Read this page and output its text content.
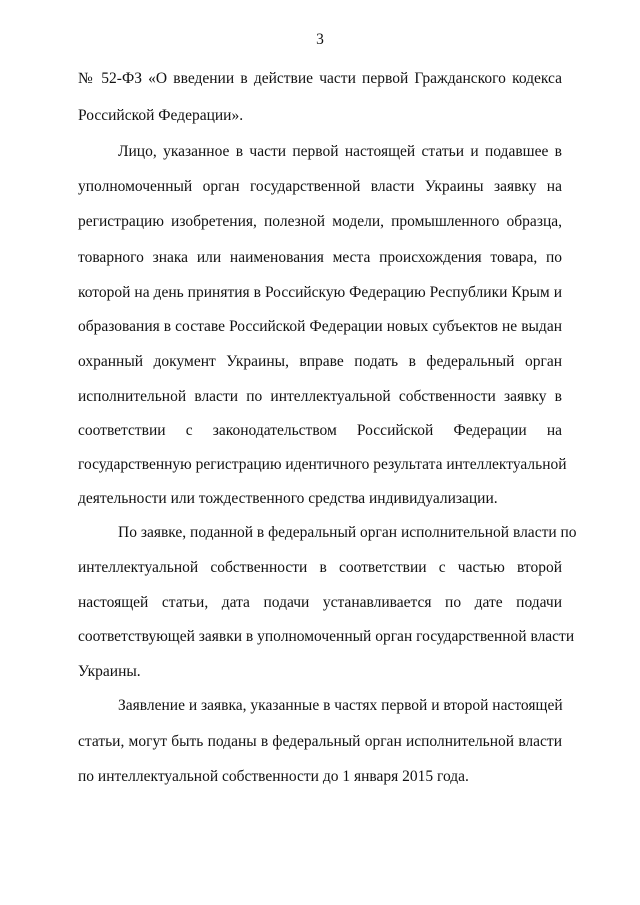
3
№ 52-ФЗ «О введении в действие части первой Гражданского кодекса
Российской Федерации».
Лицо, указанное в части первой настоящей статьи и подавшее в
уполномоченный орган государственной власти Украины заявку на
регистрацию изобретения, полезной модели, промышленного образца,
товарного знака или наименования места происхождения товара, по
которой на день принятия в Российскую Федерацию Республики Крым и
образования в составе Российской Федерации новых субъектов не выдан
охранный документ Украины, вправе подать в федеральный орган
исполнительной власти по интеллектуальной собственности заявку в
соответствии с законодательством Российской Федерации на
государственную регистрацию идентичного результата интеллектуальной
деятельности или тождественного средства индивидуализации.
По заявке, поданной в федеральный орган исполнительной власти по
интеллектуальной собственности в соответствии с частью второй
настоящей статьи, дата подачи устанавливается по дате подачи
соответствующей заявки в уполномоченный орган государственной власти
Украины.
Заявление и заявка, указанные в частях первой и второй настоящей
статьи, могут быть поданы в федеральный орган исполнительной власти
по интеллектуальной собственности до 1 января 2015 года.
